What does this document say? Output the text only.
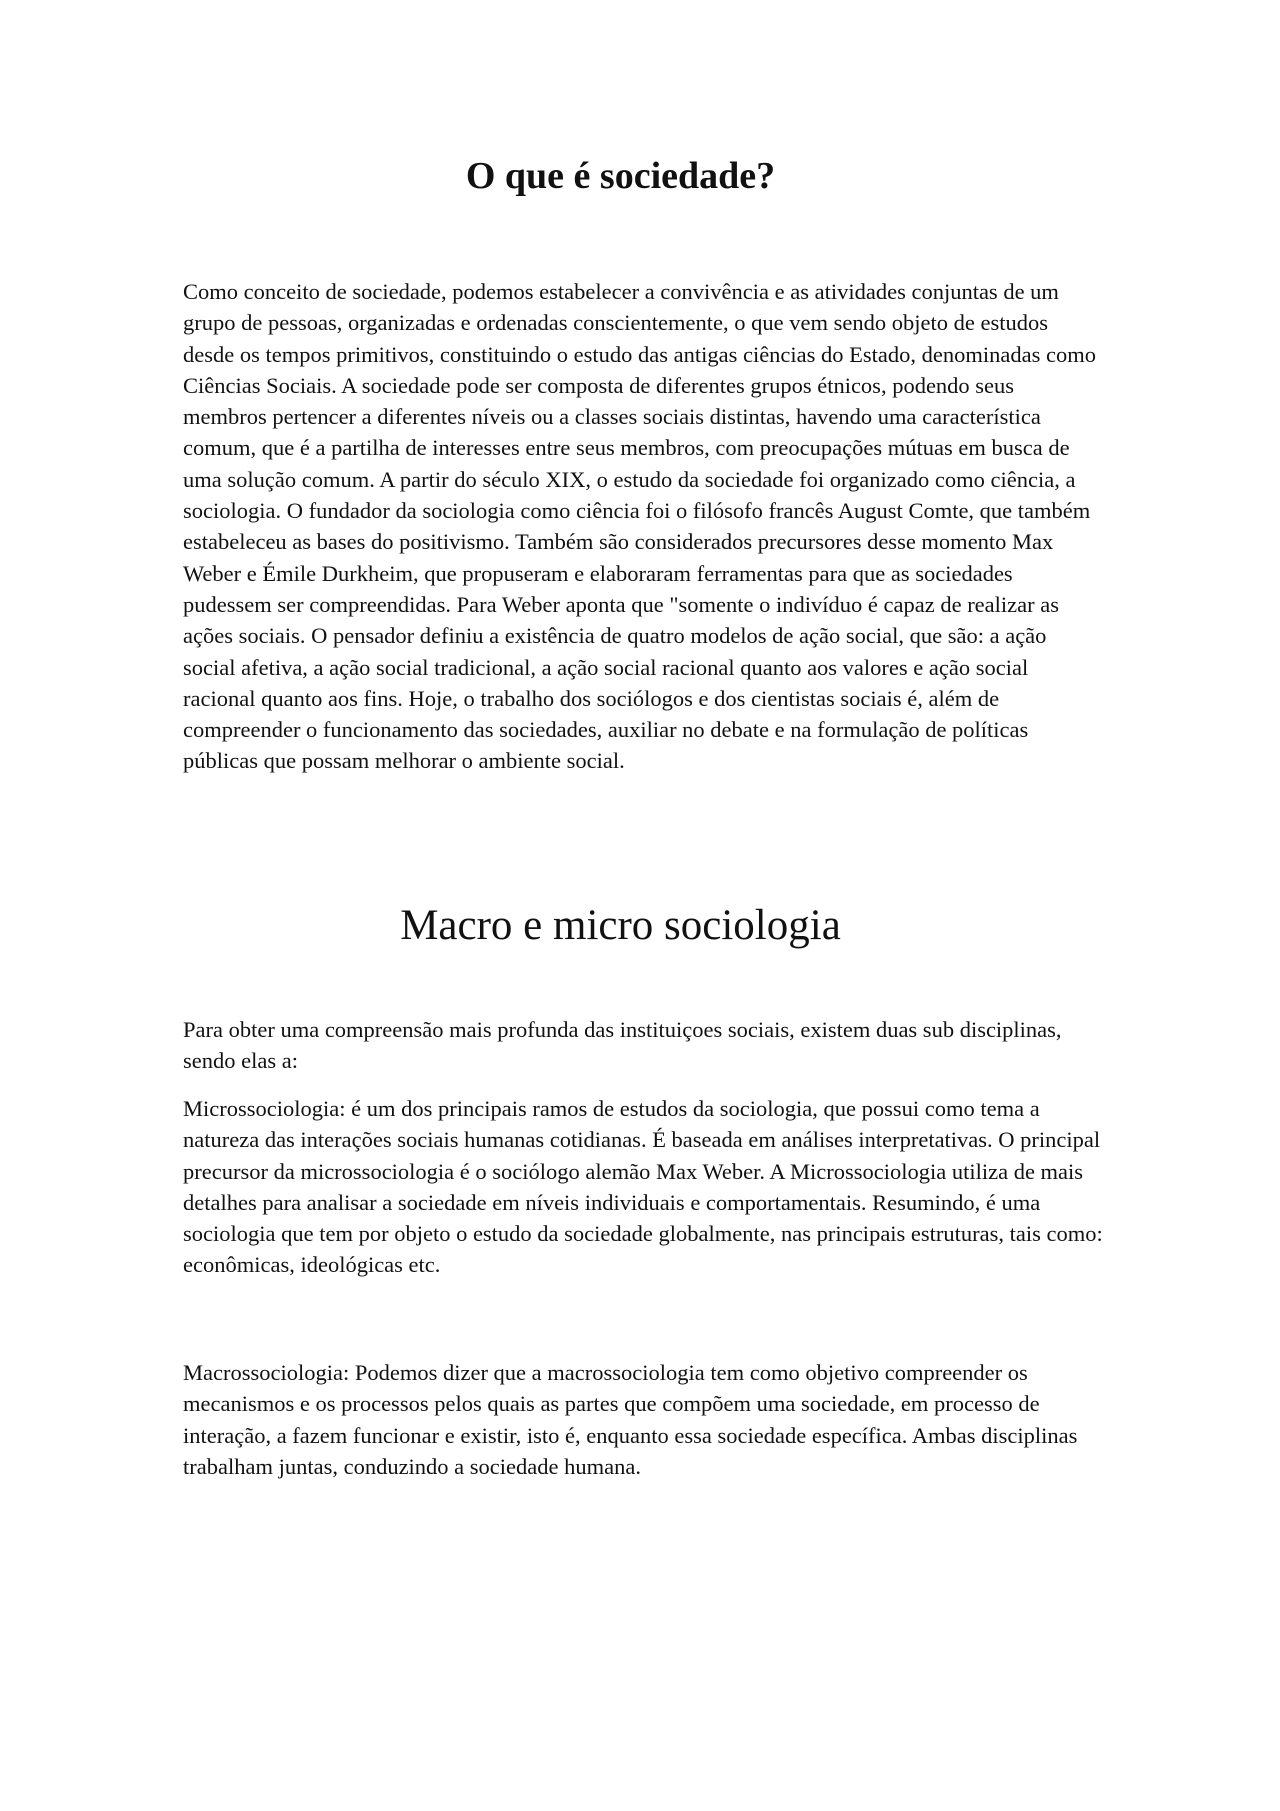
O que é sociedade?

Como conceito de sociedade, podemos estabelecer a convivência e as atividades conjuntas de um grupo de pessoas, organizadas e ordenadas conscientemente, o que vem sendo objeto de estudos desde os tempos primitivos, constituindo o estudo das antigas ciências do Estado, denominadas como Ciências Sociais. A sociedade pode ser composta de diferentes grupos étnicos, podendo seus membros pertencer a diferentes níveis ou a classes sociais distintas, havendo uma característica comum, que é a partilha de interesses entre seus membros, com preocupações mútuas em busca de uma solução comum. A partir do século XIX, o estudo da sociedade foi organizado como ciência, a sociologia. O fundador da sociologia como ciência foi o filósofo francês August Comte, que também estabeleceu as bases do positivismo. Também são considerados precursores desse momento Max Weber e Émile Durkheim, que propuseram e elaboraram ferramentas para que as sociedades pudessem ser compreendidas. Para Weber aponta que "somente o indivíduo é capaz de realizar as ações sociais. O pensador definiu a existência de quatro modelos de ação social, que são: a ação social afetiva, a ação social tradicional, a ação social racional quanto aos valores e ação social racional quanto aos fins. Hoje, o trabalho dos sociólogos e dos cientistas sociais é, além de compreender o funcionamento das sociedades, auxiliar no debate e na formulação de políticas públicas que possam melhorar o ambiente social.

Macro e micro sociologia

Para obter uma compreensão mais profunda das instituiçoes sociais, existem duas sub disciplinas, sendo elas a:

Microssociologia: é um dos principais ramos de estudos da sociologia, que possui como tema a natureza das interações sociais humanas cotidianas. É baseada em análises interpretativas. O principal precursor da microssociologia é o sociólogo alemão Max Weber. A Microssociologia utiliza de mais detalhes para analisar a sociedade em níveis individuais e comportamentais. Resumindo, é uma sociologia que tem por objeto o estudo da sociedade globalmente, nas principais estruturas, tais como: econômicas, ideológicas etc.

Macrossociologia: Podemos dizer que a macrossociologia tem como objetivo compreender os mecanismos e os processos pelos quais as partes que compõem uma sociedade, em processo de interação, a fazem funcionar e existir, isto é, enquanto essa sociedade específica. Ambas disciplinas trabalham juntas, conduzindo a sociedade humana.
